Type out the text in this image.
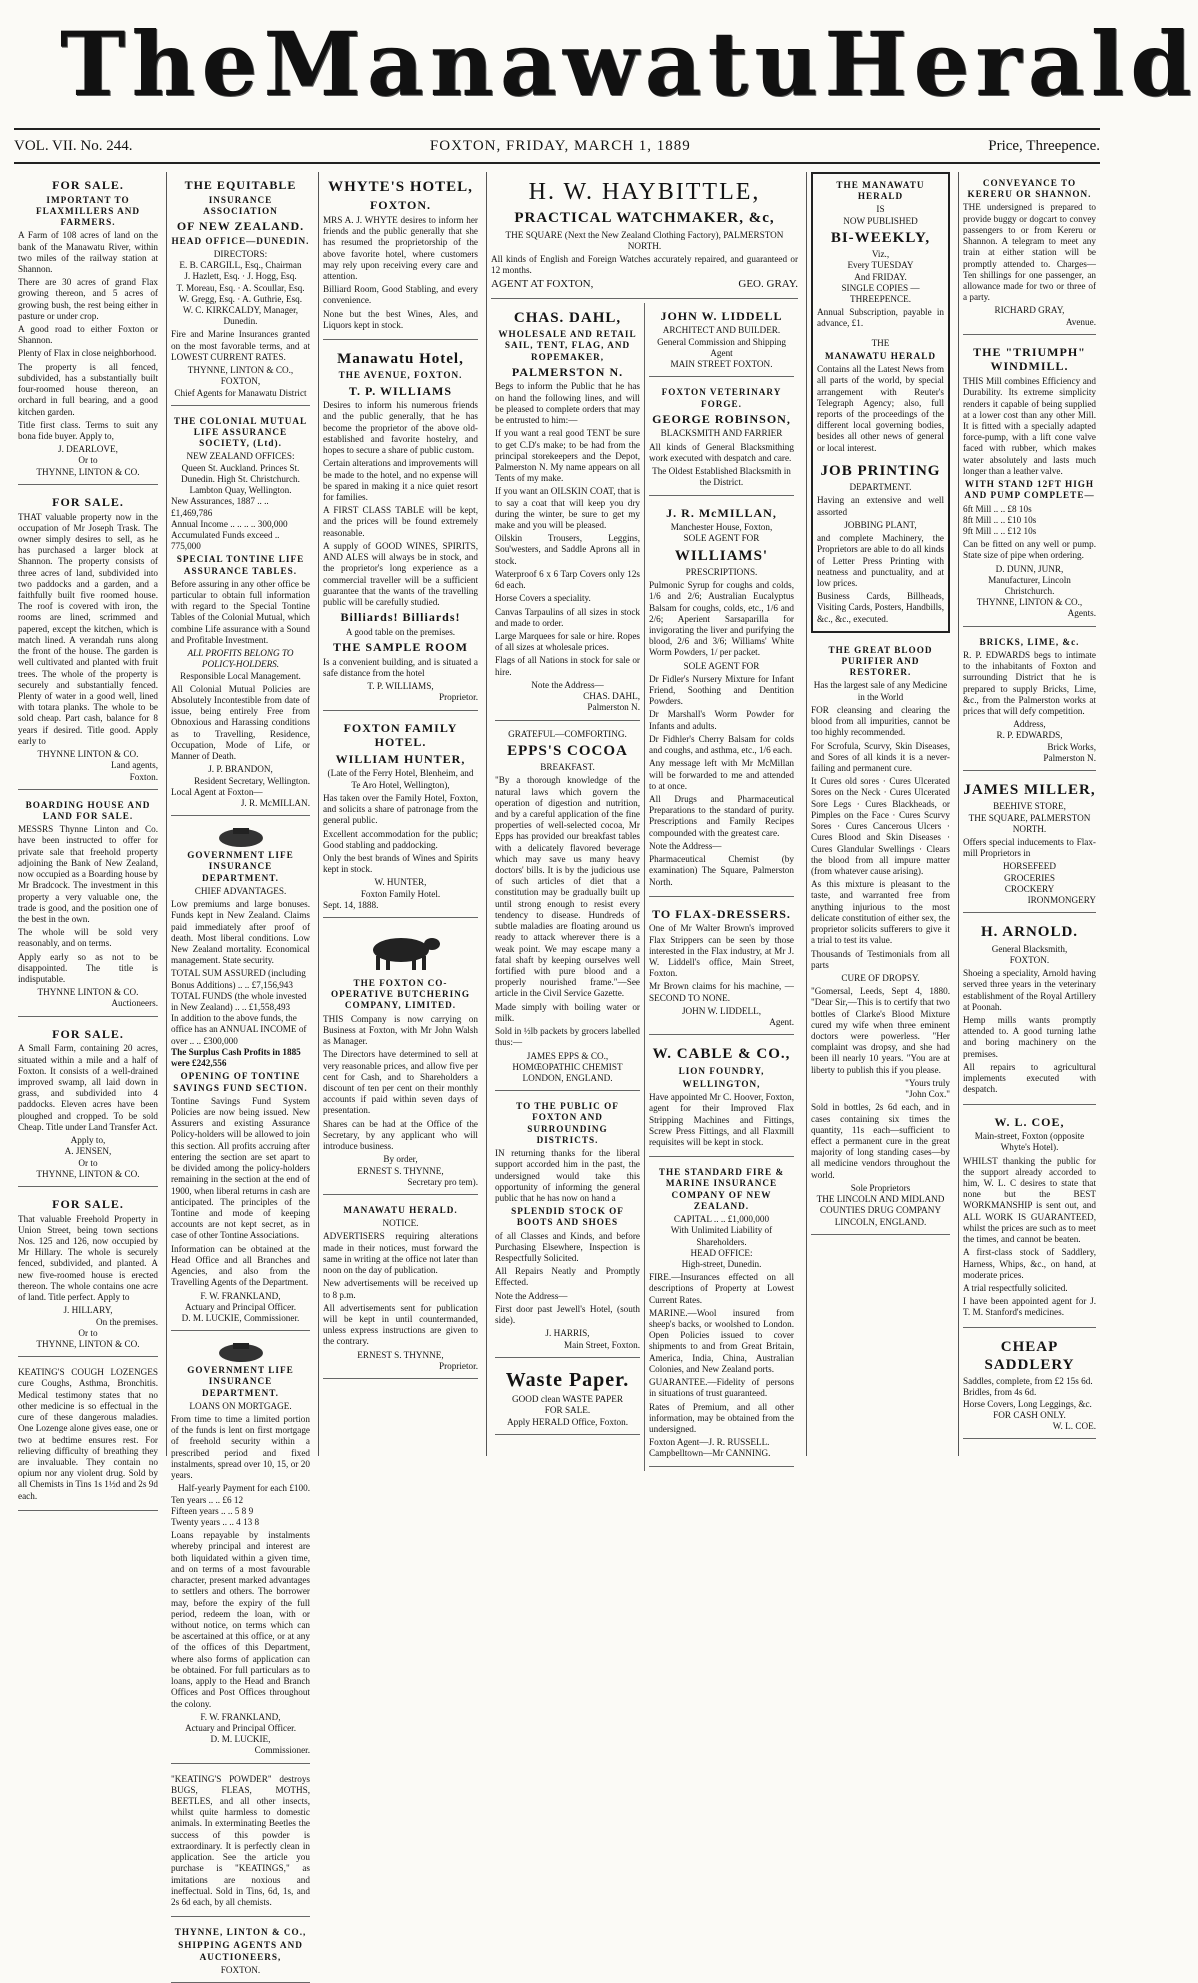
The Manawatu Herald
VOL. VII. No. 244.	FOXTON, FRIDAY, MARCH 1, 1889	Price, Threepence.
FOR SALE.
IMPORTANT TO FLAXMILLERS AND FARMERS.

A Farm of 108 acres of land on the bank of the Manawatu River, within two miles of the railway station at Shannon.

There are 30 acres of grand Flax growing thereon, and 5 acres of growing bush, the rest being either in pasture or under crop.

A good road to either Foxton or Shannon.

Plenty of Flax in close neighborhood.

The property is all fenced, subdivided, has a substantially built four-roomed house thereon, an orchard in full bearing, and a good kitchen garden.

Title first class. Terms to suit any bona fide buyer. Apply to,

J. DEARLOVE,
Or to
THYNNE, LINTON & CO.
FOR SALE.

THAT valuable property now in the occupation of Mr Joseph Trask. The owner simply desires to sell, as he has purchased a larger block at Shannon. The property consists of three acres of land, subdivided into two paddocks and a garden, and a faithfully built five roomed house. The roof is covered with iron, the rooms are lined, scrimmed and papered, except the kitchen, which is match lined. A verandah runs along the front of the house. The garden is well cultivated and planted with fruit trees. The whole of the property is securely and substantially fenced. Plenty of water in a good well, lined with totara planks. The whole to be sold cheap. Part cash, balance for 8 years if desired. Title good. Apply early to

THYNNE LINTON & CO.
Land agents,
Foxton.
BOARDING HOUSE AND LAND FOR SALE.

MESSRS Thynne Linton and Co. have been instructed to offer for private sale that freehold property adjoining the Bank of New Zealand, now occupied as a Boarding house by Mr Bradcock. The investment in this property a very valuable one, the trade is good, and the position one of the best in the own.

The whole will be sold very reasonably, and on terms.

Apply early so as not to be disappointed. The title is indisputable.

THYNNE LINTON & CO.
Auctioneers.
FOR SALE.

A Small Farm, containing 20 acres, situated within a mile and a half of Foxton. It consists of a well-drained improved swamp, all laid down in grass, and subdivided into 4 paddocks. Eleven acres have been ploughed and cropped. To be sold Cheap. Title under Land Transfer Act.

Apply to,
A. JENSEN,
Or to
THYNNE, LINTON & CO.
FOR SALE.

That valuable Freehold Property in Union Street, being town sections Nos. 125 and 126, now occupied by Mr Hillary. The whole is securely fenced, subdivided, and planted. A new five-roomed house is erected thereon. The whole contains one acre of land. Title perfect. Apply to

J. HILLARY,
On the premises.
Or to
THYNNE, LINTON & CO.

KEATING'S COUGH LOZENGES cure Coughs, Asthma, Bronchitis. Medical testimony states that no other medicine is so effectual in the cure of these dangerous maladies. One Lozenge alone gives ease, one or two at bedtime ensures rest. For relieving difficulty of breathing they are invaluable. They contain no opium nor any violent drug. Sold by all Chemists in Tins 1s 1½d and 2s 9d each.

THE EQUITABLE
INSURANCE ASSOCIATION
OF NEW ZEALAND.
HEAD OFFICE—DUNEDIN.
DIRECTORS:
E. B. CARGILL, Esq., Chairman
J. Hazlett, Esq. · J. Hogg, Esq.
T. Moreau, Esq. · A. Scoullar, Esq.
W. Gregg, Esq. · A. Guthrie, Esq.
W. C. KIRKCALDY, Manager, Dunedin.

Fire and Marine Insurances granted on the most favorable terms, and at LOWEST CURRENT RATES.

THYNNE, LINTON & CO.,
FOXTON,
Chief Agents for Manawatu District
THE COLONIAL MUTUAL LIFE ASSURANCE SOCIETY, (Ltd).
NEW ZEALAND OFFICES:
Queen St. Auckland. Princes St. Dunedin. High St. Christchurch. Lambton Quay, Wellington.
New Assurances, 1887 .. .. £1,469,786
Annual Income .. .. .. .. 300,000
Accumulated Funds exceed .. 775,000
SPECIAL TONTINE LIFE ASSURANCE TABLES.

Before assuring in any other office be particular to obtain full information with regard to the Special Tontine Tables of the Colonial Mutual, which combine Life assurance with a Sound and Profitable Investment.

ALL PROFITS BELONG TO POLICY-HOLDERS.
Responsible Local Management.

All Colonial Mutual Policies are Absolutely Incontestible from date of issue, being entirely Free from Obnoxious and Harassing conditions as to Travelling, Residence, Occupation, Mode of Life, or Manner of Death.

J. P. BRANDON,
Resident Secretary, Wellington.
Local Agent at Foxton—
J. R. McMILLAN.
GOVERNMENT LIFE INSURANCE DEPARTMENT.
CHIEF ADVANTAGES.

Low premiums and large bonuses. Funds kept in New Zealand. Claims paid immediately after proof of death. Most liberal conditions. Low New Zealand mortality. Economical management. State security.

TOTAL SUM ASSURED (including Bonus Additions) .. .. £7,156,943
TOTAL FUNDS (the whole invested in New Zealand) .. .. £1,558,493
In addition to the above funds, the office has an ANNUAL INCOME of over .. .. £300,000
The Surplus Cash Profits in 1885 were £242,556
OPENING OF TONTINE SAVINGS FUND SECTION.

Tontine Savings Fund System Policies are now being issued. New Assurers and existing Assurance Policy-holders will be allowed to join this section. All profits accruing after entering the section are set apart to be divided among the policy-holders remaining in the section at the end of 1900, when liberal returns in cash are anticipated. The principles of the Tontine and mode of keeping accounts are not kept secret, as in case of other Tontine Associations.

Information can be obtained at the Head Office and all Branches and Agencies, and also from the Travelling Agents of the Department.

F. W. FRANKLAND,
Actuary and Principal Officer.
D. M. LUCKIE, Commissioner.
GOVERNMENT LIFE INSURANCE DEPARTMENT.
LOANS ON MORTGAGE.

From time to time a limited portion of the funds is lent on first mortgage of freehold security within a prescribed period and fixed instalments, spread over 10, 15, or 20 years.

Half-yearly Payment for each £100.
Ten years .. .. £6 12
Fifteen years .. .. 5 8 9
Twenty years .. .. 4 13 8

Loans repayable by instalments whereby principal and interest are both liquidated within a given time, and on terms of a most favourable character, present marked advantages to settlers and others. The borrower may, before the expiry of the full period, redeem the loan, with or without notice, on terms which can be ascertained at this office, or at any of the offices of this Department, where also forms of application can be obtained. For full particulars as to loans, apply to the Head and Branch Offices and Post Offices throughout the colony.

F. W. FRANKLAND,
Actuary and Principal Officer.
D. M. LUCKIE,
Commissioner.

"KEATING'S POWDER" destroys BUGS, FLEAS, MOTHS, BEETLES, and all other insects, whilst quite harmless to domestic animals. In exterminating Beetles the success of this powder is extraordinary. It is perfectly clean in application. See the article you purchase is "KEATINGS," as imitations are noxious and ineffectual. Sold in Tins, 6d, 1s, and 2s 6d each, by all chemists.

THYNNE, LINTON & CO.,
SHIPPING AGENTS AND AUCTIONEERS,
FOXTON.
WHYTE'S HOTEL,
FOXTON.

MRS A. J. WHYTE desires to inform her friends and the public generally that she has resumed the proprietorship of the above favorite hotel, where customers may rely upon receiving every care and attention.

Billiard Room, Good Stabling, and every convenience.

None but the best Wines, Ales, and Liquors kept in stock.

Manawatu Hotel,
THE AVENUE, FOXTON.
T. P. WILLIAMS

Desires to inform his numerous friends and the public generally, that he has become the proprietor of the above old-established and favorite hostelry, and hopes to secure a share of public custom.

Certain alterations and improvements will be made to the hotel, and no expense will be spared in making it a nice quiet resort for families.

A FIRST CLASS TABLE will be kept, and the prices will be found extremely reasonable.

A supply of GOOD WINES, SPIRITS, AND ALES will always be in stock, and the proprietor's long experience as a commercial traveller will be a sufficient guarantee that the wants of the travelling public will be carefully studied.

Billiards! Billiards!
A good table on the premises.
THE SAMPLE ROOM

Is a convenient building, and is situated a safe distance from the hotel

T. P. WILLIAMS,
Proprietor.
FOXTON FAMILY HOTEL.
WILLIAM HUNTER,
(Late of the Ferry Hotel, Blenheim, and Te Aro Hotel, Wellington),

Has taken over the Family Hotel, Foxton, and solicits a share of patronage from the general public.

Excellent accommodation for the public; Good stabling and paddocking.

Only the best brands of Wines and Spirits kept in stock.

W. HUNTER,
Foxton Family Hotel.
Sept. 14, 1888.
THE FOXTON CO-OPERATIVE BUTCHERING COMPANY, LIMITED.

THIS Company is now carrying on Business at Foxton, with Mr John Walsh as Manager.

The Directors have determined to sell at very reasonable prices, and allow five per cent for Cash, and to Shareholders a discount of ten per cent on their monthly accounts if paid within seven days of presentation.

Shares can be had at the Office of the Secretary, by any applicant who will introduce business.

By order,
ERNEST S. THYNNE,
Secretary pro tem).
MANAWATU HERALD.
NOTICE.

ADVERTISERS requiring alterations made in their notices, must forward the same in writing at the office not later than noon on the day of publication.

New advertisements will be received up to 8 p.m.

All advertisements sent for publication will be kept in until countermanded, unless express instructions are given to the contrary.

ERNEST S. THYNNE,
Proprietor.
H. W. HAYBITTLE,
PRACTICAL WATCHMAKER, &c,
THE SQUARE (Next the New Zealand Clothing Factory), PALMERSTON NORTH.

All kinds of English and Foreign Watches accurately repaired, and guaranteed or 12 months.

AGENT AT FOXTON,	GEO. GRAY.
CHAS. DAHL,
WHOLESALE AND RETAIL SAIL, TENT, FLAG, AND ROPEMAKER,
PALMERSTON N.

Begs to inform the Public that he has on hand the following lines, and will be pleased to complete orders that may be entrusted to him:—

If you want a real good TENT be sure to get C.D's make; to be had from the principal storekeepers and the Depot, Palmerston N. My name appears on all Tents of my make.

If you want an OILSKIN COAT, that is to say a coat that will keep you dry during the winter, be sure to get my make and you will be pleased.

Oilskin Trousers, Leggins, Sou'westers, and Saddle Aprons all in stock.

Waterproof 6 x 6 Tarp Covers only 12s 6d each.

Horse Covers a speciality.

Canvas Tarpaulins of all sizes in stock and made to order.

Large Marquees for sale or hire. Ropes of all sizes at wholesale prices.

Flags of all Nations in stock for sale or hire.

Note the Address—
CHAS. DAHL,
Palmerston N.
GRATEFUL—COMFORTING.
EPPS'S COCOA
BREAKFAST.

"By a thorough knowledge of the natural laws which govern the operation of digestion and nutrition, and by a careful application of the fine properties of well-selected cocoa, Mr Epps has provided our breakfast tables with a delicately flavored beverage which may save us many heavy doctors' bills. It is by the judicious use of such articles of diet that a constitution may be gradually built up until strong enough to resist every tendency to disease. Hundreds of subtle maladies are floating around us ready to attack wherever there is a weak point. We may escape many a fatal shaft by keeping ourselves well fortified with pure blood and a properly nourished frame."—See article in the Civil Service Gazette.

Made simply with boiling water or milk.

Sold in ½lb packets by grocers labelled thus:—

JAMES EPPS & CO.,
HOMŒOPATHIC CHEMIST
LONDON, ENGLAND.
TO THE PUBLIC OF FOXTON AND SURROUNDING DISTRICTS.

IN returning thanks for the liberal support accorded him in the past, the undersigned would take this opportunity of informing the general public that he has now on hand a

SPLENDID STOCK OF BOOTS AND SHOES

of all Classes and Kinds, and before Purchasing Elsewhere, Inspection is Respectfully Solicited.

All Repairs Neatly and Promptly Effected.

Note the Address—

First door past Jewell's Hotel, (south side).

J. HARRIS,
Main Street, Foxton.
Waste Paper.
GOOD clean WASTE PAPER
FOR SALE.
Apply HERALD Office, Foxton.
JOHN W. LIDDELL
ARCHITECT AND BUILDER.
General Commission and Shipping Agent
MAIN STREET FOXTON.
FOXTON VETERINARY FORGE.
GEORGE ROBINSON,
BLACKSMITH AND FARRIER

All kinds of General Blacksmithing work executed with despatch and care.

The Oldest Established Blacksmith in the District.
J. R. McMILLAN,
Manchester House, Foxton,
SOLE AGENT FOR
WILLIAMS'
PRESCRIPTIONS.

Pulmonic Syrup for coughs and colds, 1/6 and 2/6; Australian Eucalyptus Balsam for coughs, colds, etc., 1/6 and 2/6; Aperient Sarsaparilla for invigorating the liver and purifying the blood, 2/6 and 3/6; Williams' White Worm Powders, 1/ per packet.

SOLE AGENT FOR

Dr Fidler's Nursery Mixture for Infant Friend, Soothing and Dentition Powders.

Dr Marshall's Worm Powder for Infants and adults.

Dr Fidhler's Cherry Balsam for colds and coughs, and asthma, etc., 1/6 each.

Any message left with Mr McMillan will be forwarded to me and attended to at once.

All Drugs and Pharmaceutical Preparations to the standard of purity. Prescriptions and Family Recipes compounded with the greatest care.

Note the Address—

Pharmaceutical Chemist (by examination) The Square, Palmerston North.

TO FLAX-DRESSERS.

One of Mr Walter Brown's improved Flax Strippers can be seen by those interested in the Flax industry, at Mr J. W. Liddell's office, Main Street, Foxton.

Mr Brown claims for his machine, —SECOND TO NONE.

JOHN W. LIDDELL,
Agent.
W. CABLE & CO.,
LION FOUNDRY,
WELLINGTON,

Have appointed Mr C. Hoover, Foxton, agent for their Improved Flax Stripping Machines and Fittings, Screw Press Fittings, and all Flaxmill requisites will be kept in stock.

THE STANDARD FIRE & MARINE INSURANCE COMPANY OF NEW ZEALAND.
CAPITAL .. .. £1,000,000
With Unlimited Liability of Shareholders.
HEAD OFFICE:
High-street, Dunedin.

FIRE.—Insurances effected on all descriptions of Property at Lowest Current Rates.

MARINE.—Wool insured from sheep's backs, or woolshed to London. Open Policies issued to cover shipments to and from Great Britain, America, India, China, Australian Colonies, and New Zealand ports.

GUARANTEE.—Fidelity of persons in situations of trust guaranteed.

Rates of Premium, and all other information, may be obtained from the undersigned.

Foxton Agent—J. R. RUSSELL.
Campbelltown—Mr CANNING.
THE MANAWATU HERALD
IS
NOW PUBLISHED
BI-WEEKLY,
Viz.,
Every TUESDAY
And FRIDAY.
SINGLE COPIES — THREEPENCE.

Annual Subscription, payable in advance, £1.

THE
MANAWATU HERALD

Contains all the Latest News from all parts of the world, by special arrangement with Reuter's Telegraph Agency; also, full reports of the proceedings of the different local governing bodies, besides all other news of general or local interest.

JOB PRINTING
DEPARTMENT.

Having an extensive and well assorted

JOBBING PLANT,

and complete Machinery, the Proprietors are able to do all kinds of Letter Press Printing with neatness and punctuality, and at low prices.

Business Cards, Billheads, Visiting Cards, Posters, Handbills, &c., &c., executed.

THE GREAT BLOOD PURIFIER AND RESTORER.
Has the largest sale of any Medicine in the World

FOR cleansing and clearing the blood from all impurities, cannot be too highly recommended.

For Scrofula, Scurvy, Skin Diseases, and Sores of all kinds it is a never-failing and permanent cure.

It Cures old sores · Cures Ulcerated Sores on the Neck · Cures Ulcerated Sore Legs · Cures Blackheads, or Pimples on the Face · Cures Scurvy Sores · Cures Cancerous Ulcers · Cures Blood and Skin Diseases · Cures Glandular Swellings · Clears the blood from all impure matter (from whatever cause arising).

As this mixture is pleasant to the taste, and warranted free from anything injurious to the most delicate constitution of either sex, the proprietor solicits sufferers to give it a trial to test its value.

Thousands of Testimonials from all parts

CURE OF DROPSY.

"Gomersal, Leeds, Sept 4, 1880. "Dear Sir,—This is to certify that two bottles of Clarke's Blood Mixture cured my wife when three eminent doctors were powerless. "Her complaint was dropsy, and she had been ill nearly 10 years. "You are at liberty to publish this if you please.

"Yours truly
"John Cox."

Sold in bottles, 2s 6d each, and in cases containing six times the quantity, 11s each—sufficient to effect a permanent cure in the great majority of long standing cases—by all medicine vendors throughout the world.

Sole Proprietors
THE LINCOLN AND MIDLAND COUNTIES DRUG COMPANY
LINCOLN, ENGLAND.
CONVEYANCE TO KERERU OR SHANNON.

THE undersigned is prepared to provide buggy or dogcart to convey passengers to or from Kereru or Shannon. A telegram to meet any train at either station will be promptly attended to. Charges—Ten shillings for one passenger, an allowance made for two or three of a party.

RICHARD GRAY,
Avenue.
THE "TRIUMPH" WINDMILL.

THIS Mill combines Efficiency and Durability. Its extreme simplicity renders it capable of being supplied at a lower cost than any other Mill. It is fitted with a specially adapted force-pump, with a lift cone valve faced with rubber, which makes water absolutely and lasts much longer than a leather valve.

WITH STAND 12FT HIGH AND PUMP COMPLETE—
6ft Mill .. .. £8 10s
8ft Mill .. .. £10 10s
9ft Mill .. .. £12 10s

Can be fitted on any well or pump. State size of pipe when ordering.

D. DUNN, JUNR,
Manufacturer, Lincoln Christchurch.
THYNNE, LINTON & CO.,
Agents.
BRICKS, LIME, &c.

R. P. EDWARDS begs to intimate to the inhabitants of Foxton and surrounding District that he is prepared to supply Bricks, Lime, &c., from the Palmerston works at prices that will defy competition.

Address,
R. P. EDWARDS,
Brick Works,
Palmerston N.
JAMES MILLER,
BEEHIVE STORE,
THE SQUARE, PALMERSTON NORTH.

Offers special inducements to Flax-mill Proprietors in

HORSEFEED
GROCERIES
CROCKERY
IRONMONGERY
H. ARNOLD.
General Blacksmith,
FOXTON.

Shoeing a speciality, Arnold having served three years in the veterinary establishment of the Royal Artillery at Poonah.

Hemp mills wants promptly attended to. A good turning lathe and boring machinery on the premises.

All repairs to agricultural implements executed with despatch.

W. L. COE,
Main-street, Foxton (opposite Whyte's Hotel).

WHILST thanking the public for the support already accorded to him, W. L. C desires to state that none but the BEST WORKMANSHIP is sent out, and ALL WORK IS GUARANTEED, whilst the prices are such as to meet the times, and cannot be beaten.

A first-class stock of Saddlery, Harness, Whips, &c., on hand, at moderate prices.

A trial respectfully solicited.

I have been appointed agent for J. T. M. Stanford's medicines.

CHEAP SADDLERY
Saddles, complete, from £2 15s 6d.
Bridles, from 4s 6d.
Horse Covers, Long Leggings, &c.
FOR CASH ONLY.
W. L. COE.
